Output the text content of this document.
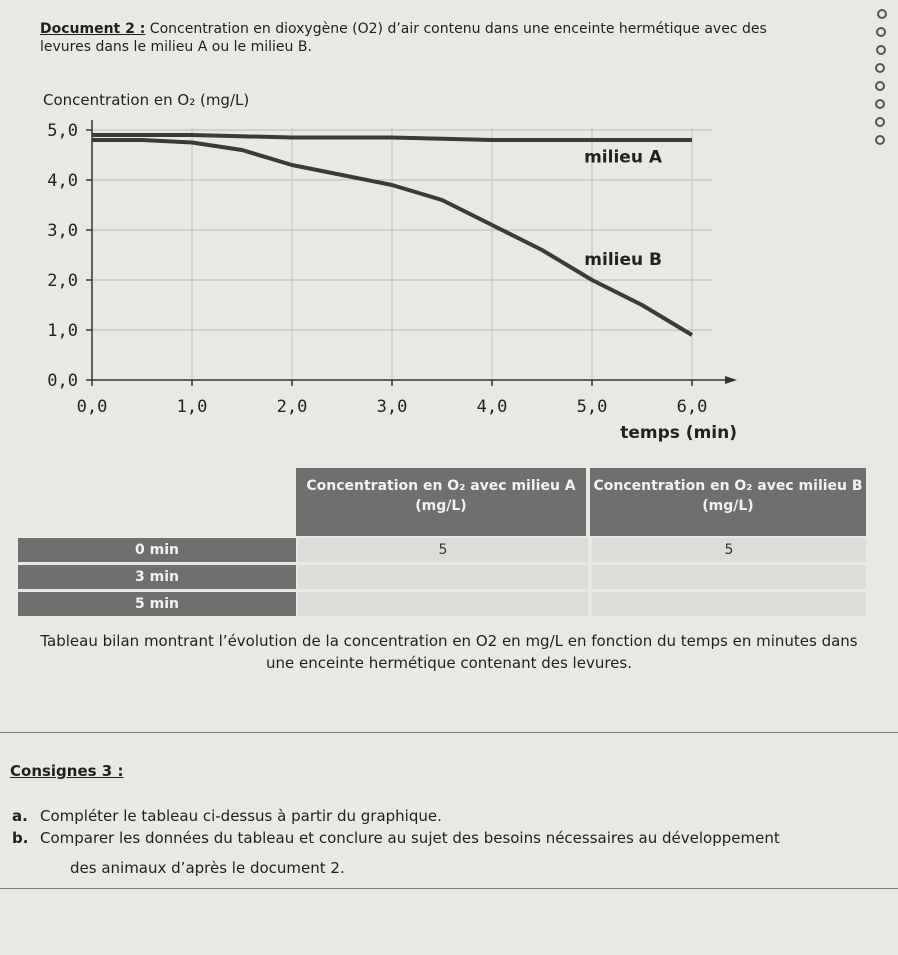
Document 2 : Concentration en dioxygène (O2) d’air contenu dans une enceinte hermétique avec des
levures dans le milieu A ou le milieu B.
Concentration en O₂ (mg/L)
0,0
1,0
2,0
3,0
4,0
5,0
0,0	1,0	2,0	3,0	4,0	5,0	6,0
temps (min)
milieu A
milieu B
Concentration en O₂ avec milieu A (mg/L)
Concentration en O₂ avec milieu B (mg/L)
0 min	5	5
3 min
5 min
Tableau bilan montrant l’évolution de la concentration en O2 en mg/L en fonction du temps en minutes dans une enceinte hermétique contenant des levures.
Consignes 3 :
a. Compléter le tableau ci-dessus à partir du graphique.
b. Comparer les données du tableau et conclure au sujet des besoins nécessaires au développement
des animaux d’après le document 2.
